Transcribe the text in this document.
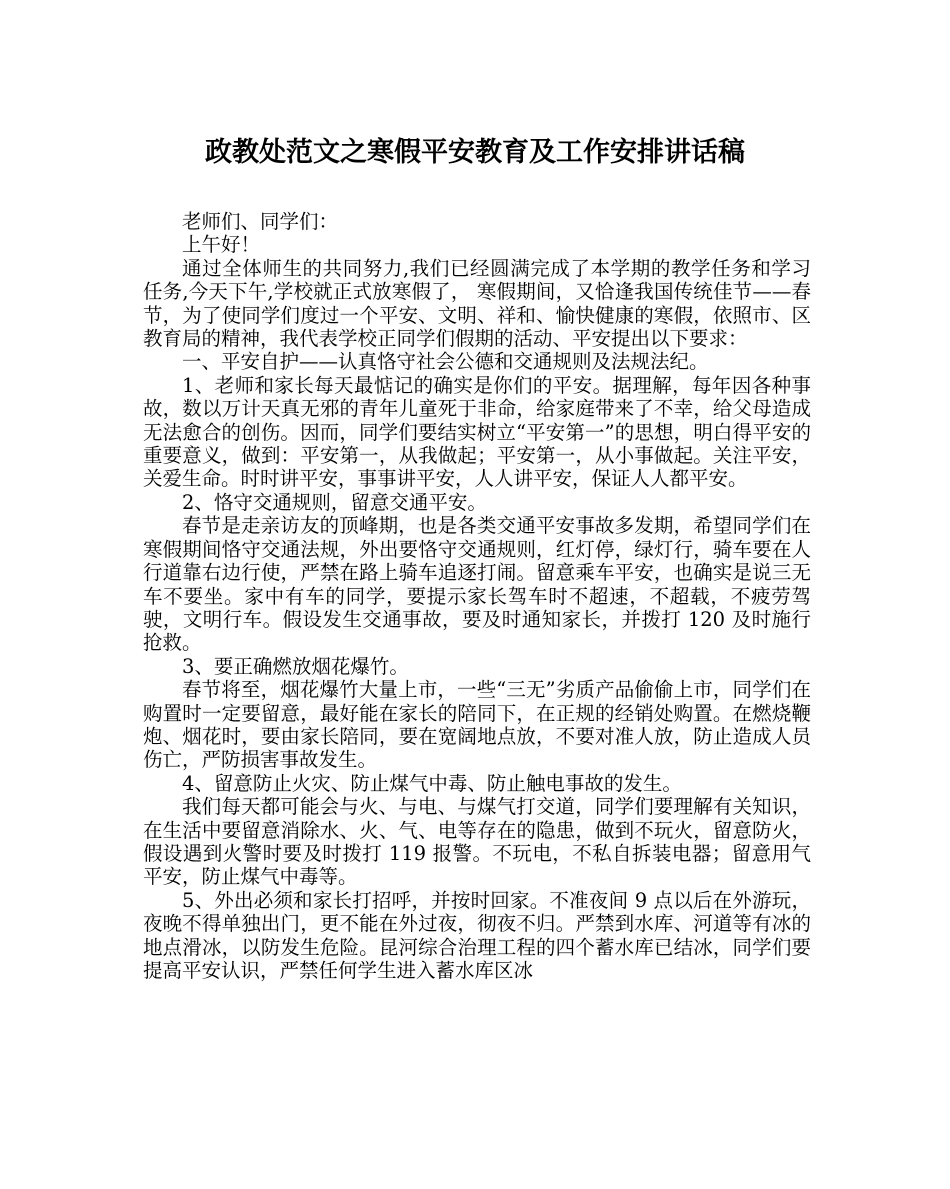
政教处范文之寒假平安教育及工作安排讲话稿

老师们、同学们：

上午好！

通过全体师生的共同努力,我们已经圆满完成了本学期的教学任务和学习任务,今天下午,学校就正式放寒假了， 寒假期间，又恰逢我国传统佳节——春节，为了使同学们度过一个平安、文明、祥和、愉快健康的寒假，依照市、区教育局的精神，我代表学校正同学们假期的活动、平安提出以下要求：

一、平安自护——认真恪守社会公德和交通规则及法规法纪。

1、老师和家长每天最惦记的确实是你们的平安。据理解，每年因各种事故，数以万计天真无邪的青年儿童死于非命，给家庭带来了不幸，给父母造成无法愈合的创伤。因而，同学们要结实树立“平安第一”的思想，明白得平安的重要意义，做到：平安第一，从我做起；平安第一，从小事做起。关注平安，关爱生命。时时讲平安，事事讲平安，人人讲平安，保证人人都平安。

2、恪守交通规则，留意交通平安。

春节是走亲访友的顶峰期，也是各类交通平安事故多发期，希望同学们在寒假期间恪守交通法规，外出要恪守交通规则，红灯停，绿灯行，骑车要在人行道靠右边行使，严禁在路上骑车追逐打闹。留意乘车平安，也确实是说三无车不要坐。家中有车的同学，要提示家长驾车时不超速，不超载，不疲劳驾驶，文明行车。假设发生交通事故，要及时通知家长，并拨打 120 及时施行抢救。

3、要正确燃放烟花爆竹。

春节将至，烟花爆竹大量上市，一些“三无”劣质产品偷偷上市，同学们在购置时一定要留意，最好能在家长的陪同下，在正规的经销处购置。在燃烧鞭炮、烟花时，要由家长陪同，要在宽阔地点放，不要对准人放，防止造成人员伤亡，严防损害事故发生。

4、留意防止火灾、防止煤气中毒、防止触电事故的发生。

我们每天都可能会与火、与电、与煤气打交道，同学们要理解有关知识，在生活中要留意消除水、火、气、电等存在的隐患，做到不玩火，留意防火，假设遇到火警时要及时拨打 119 报警。不玩电，不私自拆装电器；留意用气平安，防止煤气中毒等。

5、外出必须和家长打招呼，并按时回家。不准夜间 9 点以后在外游玩，夜晚不得单独出门，更不能在外过夜，彻夜不归。严禁到水库、河道等有冰的地点滑冰，以防发生危险。昆河综合治理工程的四个蓄水库已结冰，同学们要提高平安认识，严禁任何学生进入蓄水库区冰
